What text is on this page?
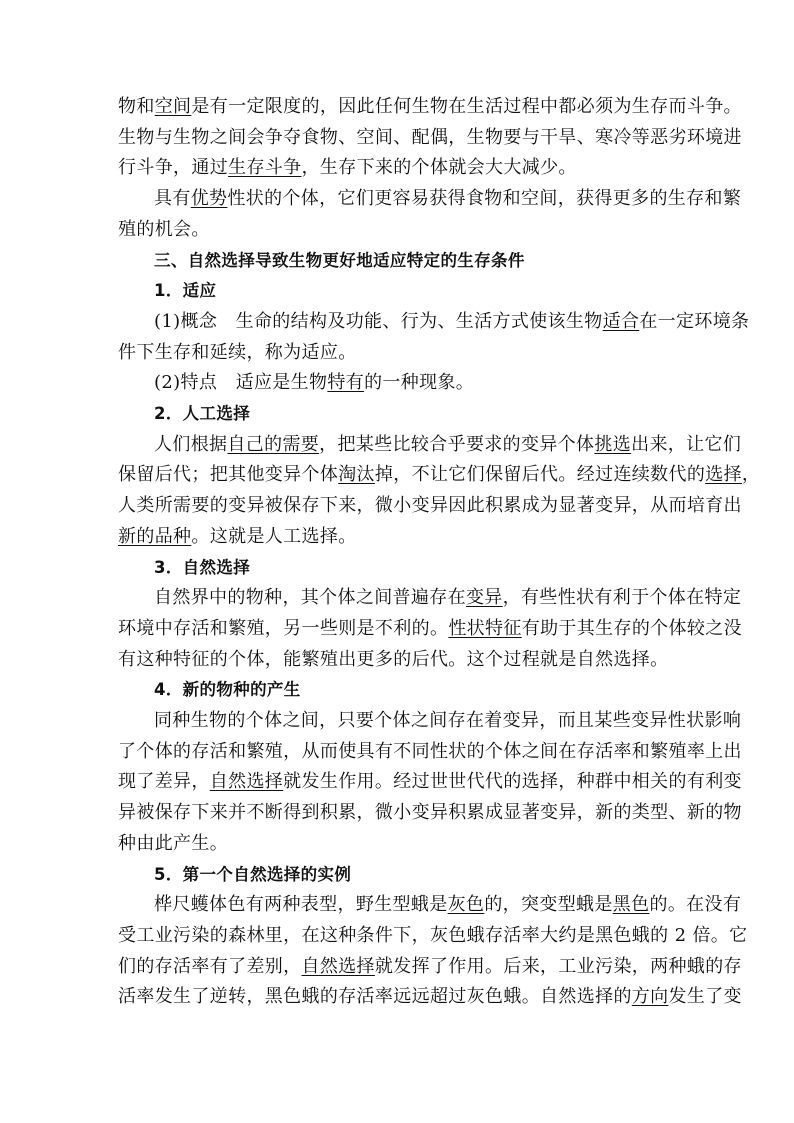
物和空间是有一定限度的，因此任何生物在生活过程中都必须为生存而斗争。
生物与生物之间会争夺食物、空间、配偶，生物要与干旱、寒冷等恶劣环境进
行斗争，通过生存斗争，生存下来的个体就会大大减少。
具有优势性状的个体，它们更容易获得食物和空间，获得更多的生存和繁
殖的机会。
三、自然选择导致生物更好地适应特定的生存条件
1．适应
(1)概念　生命的结构及功能、行为、生活方式使该生物适合在一定环境条
件下生存和延续，称为适应。
(2)特点　适应是生物特有的一种现象。
2．人工选择
人们根据自己的需要，把某些比较合乎要求的变异个体挑选出来，让它们
保留后代；把其他变异个体淘汰掉，不让它们保留后代。经过连续数代的选择，
人类所需要的变异被保存下来，微小变异因此积累成为显著变异，从而培育出
新的品种。这就是人工选择。
3．自然选择
自然界中的物种，其个体之间普遍存在变异，有些性状有利于个体在特定
环境中存活和繁殖，另一些则是不利的。性状特征有助于其生存的个体较之没
有这种特征的个体，能繁殖出更多的后代。这个过程就是自然选择。
4．新的物种的产生
同种生物的个体之间，只要个体之间存在着变异，而且某些变异性状影响
了个体的存活和繁殖，从而使具有不同性状的个体之间在存活率和繁殖率上出
现了差异，自然选择就发生作用。经过世世代代的选择，种群中相关的有利变
异被保存下来并不断得到积累，微小变异积累成显著变异，新的类型、新的物
种由此产生。
5．第一个自然选择的实例
桦尺蠖体色有两种表型，野生型蛾是灰色的，突变型蛾是黑色的。在没有
受工业污染的森林里，在这种条件下，灰色蛾存活率大约是黑色蛾的 2 倍。它
们的存活率有了差别，自然选择就发挥了作用。后来，工业污染，两种蛾的存
活率发生了逆转，黑色蛾的存活率远远超过灰色蛾。自然选择的方向发生了变
